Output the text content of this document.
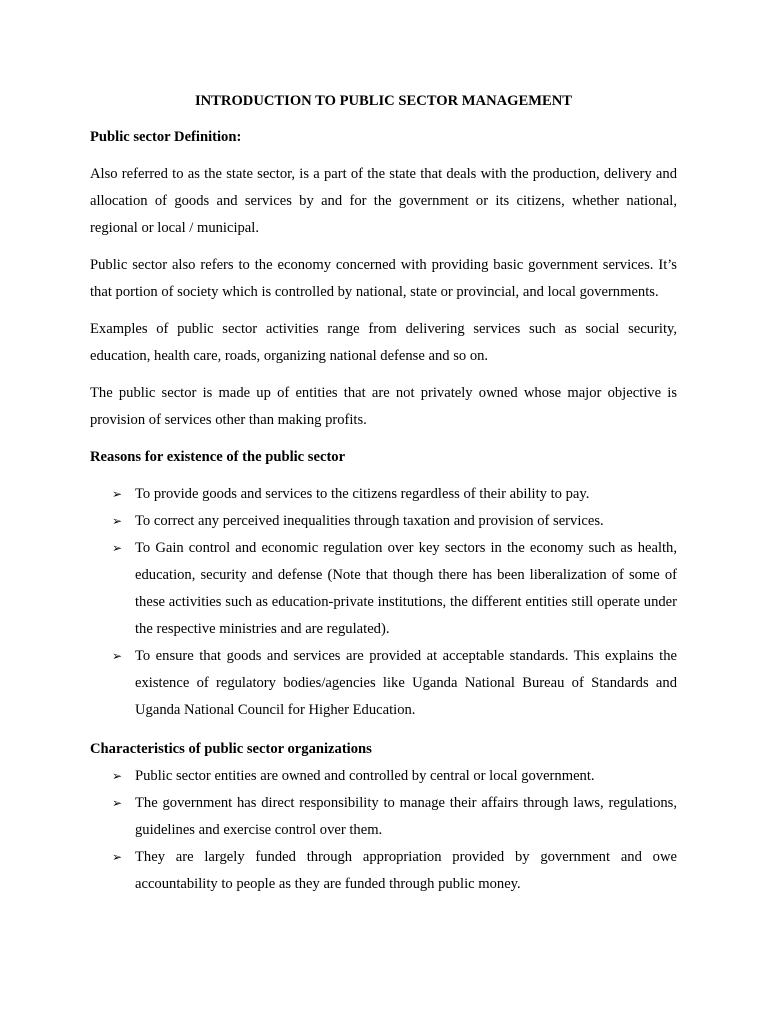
INTRODUCTION TO PUBLIC SECTOR MANAGEMENT
Public sector Definition:

Also referred to as the state sector, is a part of the state that deals with the production, delivery and allocation of goods and services by and for the government or its citizens, whether national, regional or local / municipal.

Public sector also refers to the economy concerned with providing basic government services. It’s that portion of society which is controlled by national, state or provincial, and local governments.

Examples of public sector activities range from delivering services such as social security, education, health care, roads, organizing national defense and so on.

The public sector is made up of entities that are not privately owned whose major objective is provision of services other than making profits.

Reasons for existence of the public sector
➢ To provide goods and services to the citizens regardless of their ability to pay.
➢ To correct any perceived inequalities through taxation and provision of services.
➢ To Gain control and economic regulation over key sectors in the economy such as health, education, security and defense (Note that though there has been liberalization of some of these activities such as education-private institutions, the different entities still operate under the respective ministries and are regulated).
➢ To ensure that goods and services are provided at acceptable standards. This explains the existence of regulatory bodies/agencies like Uganda National Bureau of Standards and Uganda National Council for Higher Education.
Characteristics of public sector organizations
➢ Public sector entities are owned and controlled by central or local government.
➢ The government has direct responsibility to manage their affairs through laws, regulations, guidelines and exercise control over them.
➢ They are largely funded through appropriation provided by government and owe accountability to people as they are funded through public money.
